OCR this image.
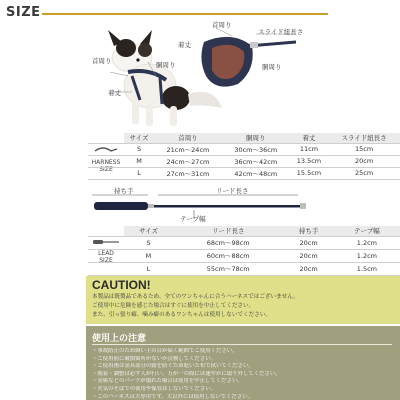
SIZE
首周り	胴周り
着丈
首周り
スライド紐長さ
着丈
胴周り
HARNESS
SIZE
	サイズ	首周り	胴周り	着丈	スライド紐長さ
	S	21cm〜24cm	30cm〜36cm	11cm	15cm
	M	24cm〜27cm	36cm〜42cm	13.5cm	20cm
	L	27cm〜31cm	42cm〜48cm	15.5cm	25cm
持ち手	リード長さ
テープ幅
LEAD
SIZE
	サイズ	リード長さ	持ち手	テープ幅
	S	68cm〜98cm	20cm	1.2cm
	M	60cm〜88cm	20cm	1.2cm
	L	55cm〜78cm	20cm	1.5cm
CAUTION!
本製品は既製品であるため、全てのワンちゃんに合うハーネスではございません。
ご使用中に危険を感じた場合はすぐに使用を中止してください。
また、引っ張り癖、噛み癖のあるワンちゃんは使用しないでください。
使用上の注意
・事故防止のため飼い主の目が届く範囲でご使用ください。
・ご使用前に破損箇所がないか点検してください。
・ご使用後は金具部分の錆を防ぐため乾いた布で拭いてください。
・脱着・調整は必ず人が行い、万が一の際には速やかに取り外してください。
・金属などのパーツが壊れた場合は使用を中止してください。
・火気のそばでの使用や保管はしないでください。
・このハーネスは犬専用です。犬以外には使用しないでください。
